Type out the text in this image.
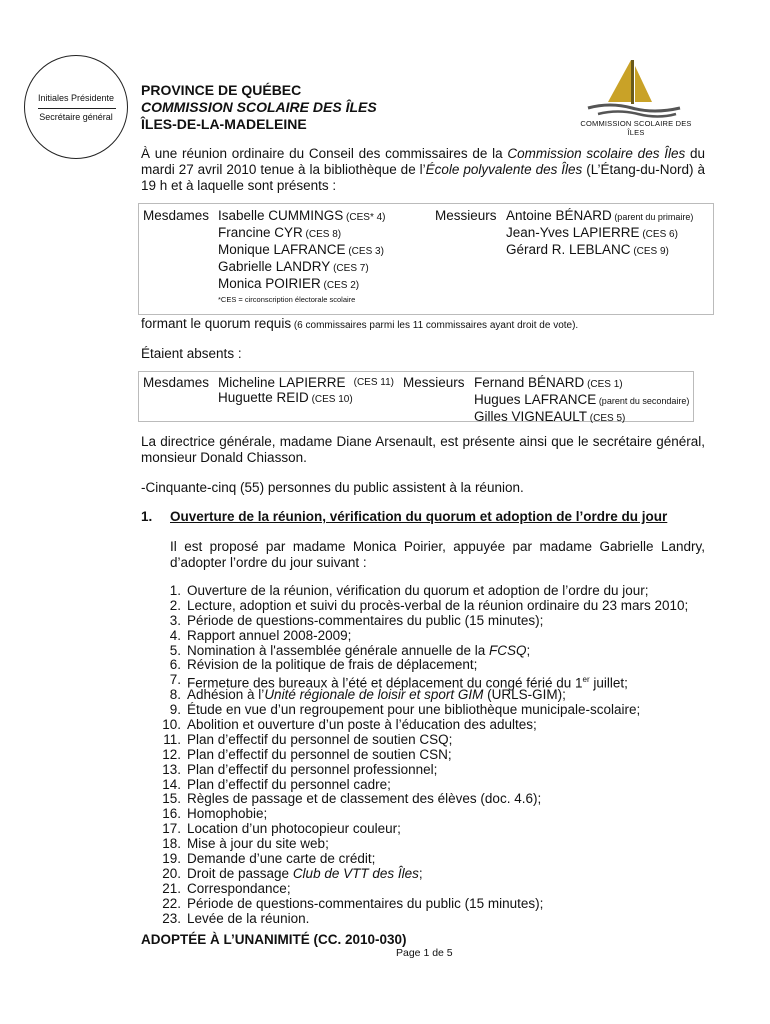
Initiales Présidente
Secrétaire général
COMMISSION SCOLAIRE DES ÎLES
PROVINCE DE QUÉBEC
COMMISSION SCOLAIRE DES ÎLES
ÎLES-DE-LA-MADELEINE
À une réunion ordinaire du Conseil des commissaires de la Commission scolaire des Îles du mardi 27 avril 2010 tenue à la bibliothèque de l’École polyvalente des Îles (L’Étang-du-Nord) à 19 h et à laquelle sont présents :
Mesdames Isabelle CUMMINGS (CES* 4)
Francine CYR (CES 8)
Monique LAFRANCE (CES 3)
Gabrielle LANDRY (CES 7)
Monica POIRIER (CES 2)
*CES = circonscription électorale scolaire
Messieurs Antoine BÉNARD (parent du primaire)
Jean-Yves LAPIERRE (CES 6)
Gérard R. LEBLANC (CES 9)
formant le quorum requis (6 commissaires parmi les 11 commissaires ayant droit de vote).
Étaient absents :
Mesdames Micheline LAPIERRE (CES 11)
Huguette REID (CES 10)
Messieurs Fernand BÉNARD (CES 1)
Hugues LAFRANCE (parent du secondaire)
Gilles VIGNEAULT (CES 5)
La directrice générale, madame Diane Arsenault, est présente ainsi que le secrétaire général, monsieur Donald Chiasson.
-Cinquante-cinq (55) personnes du public assistent à la réunion.
1. Ouverture de la réunion, vérification du quorum et adoption de l’ordre du jour
Il est proposé par madame Monica Poirier, appuyée par madame Gabrielle Landry, d’adopter l’ordre du jour suivant :
1. Ouverture de la réunion, vérification du quorum et adoption de l’ordre du jour;
2. Lecture, adoption et suivi du procès-verbal de la réunion ordinaire du 23 mars 2010;
3. Période de questions-commentaires du public (15 minutes);
4. Rapport annuel 2008-2009;
5. Nomination à l'assemblée générale annuelle de la FCSQ;
6. Révision de la politique de frais de déplacement;
7. Fermeture des bureaux à l’été et déplacement du congé férié du 1er juillet;
8. Adhésion à l’Unité régionale de loisir et sport GIM (URLS-GIM);
9. Étude en vue d’un regroupement pour une bibliothèque municipale-scolaire;
10. Abolition et ouverture d’un poste à l’éducation des adultes;
11. Plan d’effectif du personnel de soutien CSQ;
12. Plan d’effectif du personnel de soutien CSN;
13. Plan d’effectif du personnel professionnel;
14. Plan d’effectif du personnel cadre;
15. Règles de passage et de classement des élèves (doc. 4.6);
16. Homophobie;
17. Location d’un photocopieur couleur;
18. Mise à jour du site web;
19. Demande d’une carte de crédit;
20. Droit de passage Club de VTT des Îles;
21. Correspondance;
22. Période de questions-commentaires du public (15 minutes);
23. Levée de la réunion.
ADOPTÉE À L’UNANIMITÉ (CC. 2010-030)
Page 1 de 5
